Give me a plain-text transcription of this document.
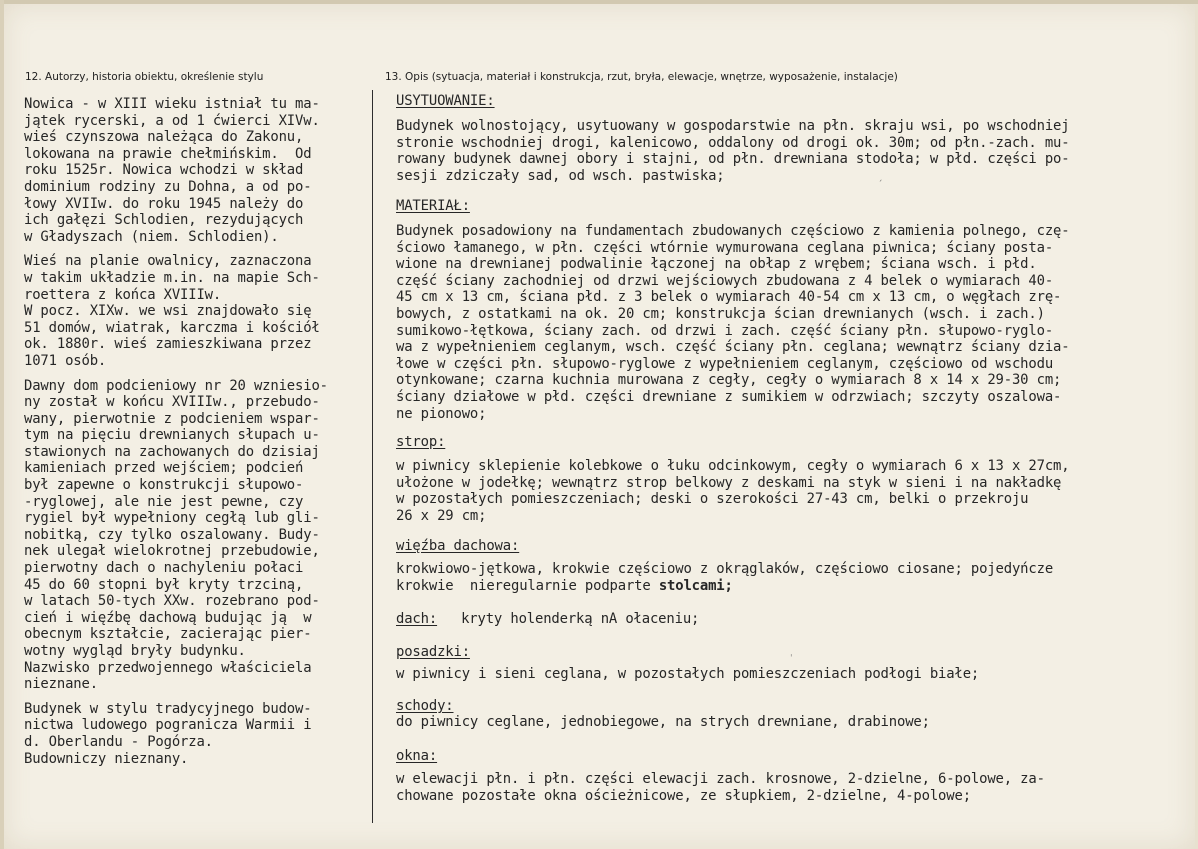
12. Autorzy, historia obiektu, określenie stylu	13. Opis (sytuacja, materiał i konstrukcja, rzut, bryła, elewacje, wnętrze, wyposażenie, instalacje)
Nowica - w XIII wieku istniał tu ma-
jątek rycerski, a od 1 ćwierci XIVw.
wieś czynszowa należąca do Zakonu,
lokowana na prawie chełmińskim.  Od
roku 1525r. Nowica wchodzi w skład
dominium rodziny zu Dohna, a od po-
łowy XVIIw. do roku 1945 należy do
ich gałęzi Schlodien, rezydujących
w Gładyszach (niem. Schlodien).
Wieś na planie owalnicy, zaznaczona
w takim układzie m.in. na mapie Sch-
roettera z końca XVIIIw.
W pocz. XIXw. we wsi znajdowało się
51 domów, wiatrak, karczma i kościół
ok. 1880r. wieś zamieszkiwana przez
1071 osób.
Dawny dom podcieniowy nr 20 wzniesio-
ny został w końcu XVIIIw., przebudo-
wany, pierwotnie z podcieniem wspar-
tym na pięciu drewnianych słupach u-
stawionych na zachowanych do dzisiaj
kamieniach przed wejściem; podcień
był zapewne o konstrukcji słupowo-
-ryglowej, ale nie jest pewne, czy
rygiel był wypełniony cegłą lub gli-
nobitką, czy tylko oszalowany. Budy-
nek ulegał wielokrotnej przebudowie,
pierwotny dach o nachyleniu połaci
45 do 60 stopni był kryty trzciną,
w latach 50-tych XXw. rozebrano pod-
cień i więźbę dachową budując ją  w
obecnym kształcie, zacierając pier-
wotny wygląd bryły budynku.
Nazwisko przedwojennego właściciela
nieznane.
Budynek w stylu tradycyjnego budow-
nictwa ludowego pogranicza Warmii i
d. Oberlandu - Pogórza.
Budowniczy nieznany.
USYTUOWANIE:
Budynek wolnostojący, usytuowany w gospodarstwie na płn. skraju wsi, po wschodniej
stronie wschodniej drogi, kalenicowo, oddalony od drogi ok. 30m; od płn.-zach. mu-
rowany budynek dawnej obory i stajni, od płn. drewniana stodoła; w płd. części po-
sesji zdziczały sad, od wsch. pastwiska;
MATERIAŁ:
Budynek posadowiony na fundamentach zbudowanych częściowo z kamienia polnego, czę-
ściowo łamanego, w płn. części wtórnie wymurowana ceglana piwnica; ściany posta-
wione na drewnianej podwalinie łączonej na obłap z wrębem; ściana wsch. i płd.
część ściany zachodniej od drzwi wejściowych zbudowana z 4 belek o wymiarach 40-
45 cm x 13 cm, ściana płd. z 3 belek o wymiarach 40-54 cm x 13 cm, o węgłach zrę-
bowych, z ostatkami na ok. 20 cm; konstrukcja ścian drewnianych (wsch. i zach.)
sumikowo-łętkowa, ściany zach. od drzwi i zach. część ściany płn. słupowo-ryglo-
wa z wypełnieniem ceglanym, wsch. część ściany płn. ceglana; wewnątrz ściany dzia-
łowe w części płn. słupowo-ryglowe z wypełnieniem ceglanym, częściowo od wschodu
otynkowane; czarna kuchnia murowana z cegły, cegły o wymiarach 8 x 14 x 29-30 cm;
ściany działowe w płd. części drewniane z sumikiem w odrzwiach; szczyty oszalowa-
ne pionowo;
strop:
w piwnicy sklepienie kolebkowe o łuku odcinkowym, cegły o wymiarach 6 x 13 x 27cm,
ułożone w jodełkę; wewnątrz strop belkowy z deskami na styk w sieni i na nakładkę
w pozostałych pomieszczeniach; deski o szerokości 27-43 cm, belki o przekroju
26 x 29 cm;
więźba dachowa:
krokwiowo-jętkowa, krokwie częściowo z okrąglaków, częściowo ciosane; pojedyńcze
krokwie  nieregularnie podparte stolcami;
dach: kryty holenderką nA ołaceniu;
posadzki:
w piwnicy i sieni ceglana, w pozostałych pomieszczeniach podłogi białe;
schody:
do piwnicy ceglane, jednobiegowe, na strych drewniane, drabinowe;
okna:
w elewacji płn. i płn. części elewacji zach. krosnowe, 2-dzielne, 6-polowe, za-
chowane pozostałe okna ościeżnicowe, ze słupkiem, 2-dzielne, 4-polowe;
ˊ
ˈ
